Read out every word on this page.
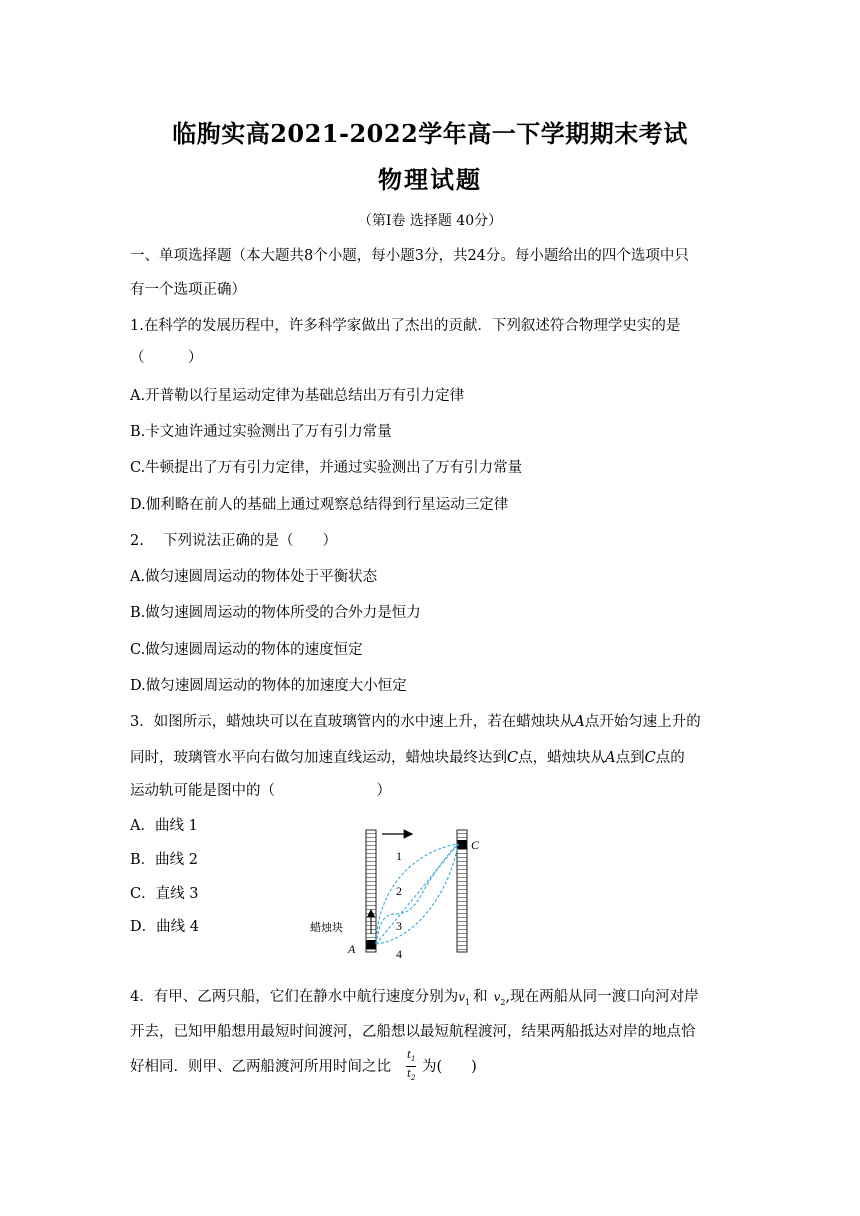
临朐实高2021-2022学年高一下学期期末考试
物理试题
（第Ⅰ卷 选择题 40分）
一、单项选择题（本大题共8个小题，每小题3分，共24分。每小题给出的四个选项中只
有一个选项正确）
1.在科学的发展历程中，许多科学家做出了杰出的贡献．下列叙述符合物理学史实的是
（　　　）
A.开普勒以行星运动定律为基础总结出万有引力定律
B.卡文迪许通过实验测出了万有引力常量
C.牛顿提出了万有引力定律，并通过实验测出了万有引力常量
D.伽利略在前人的基础上通过观察总结得到行星运动三定律
2.　 下列说法正确的是（　　）
A.做匀速圆周运动的物体处于平衡状态
B.做匀速圆周运动的物体所受的合外力是恒力
C.做匀速圆周运动的物体的速度恒定
D.做匀速圆周运动的物体的加速度大小恒定
3．如图所示，蜡烛块可以在直玻璃管内的水中速上升，若在蜡烛块从A点开始匀速上升的
同时，玻璃管水平向右做匀加速直线运动，蜡烛块最终达到C点，蜡烛块从A点到C点的
运动轨可能是图中的（　　　　　　　）
A．曲线 1
B．曲线 2
C．直线 3
D．曲线 4
1
2
3
4
A
C
蜡烛块
4．有甲、乙两只船，它们在静水中航行速度分别为$v_1$ 和 $v_2$,现在两船从同一渡口向河对岸
开去，已知甲船想用最短时间渡河，乙船想以最短航程渡河，结果两船抵达对岸的地点恰
好相同．则甲、乙两船渡河所用时间之比
$t_1$
$t_2$
为(　　)
